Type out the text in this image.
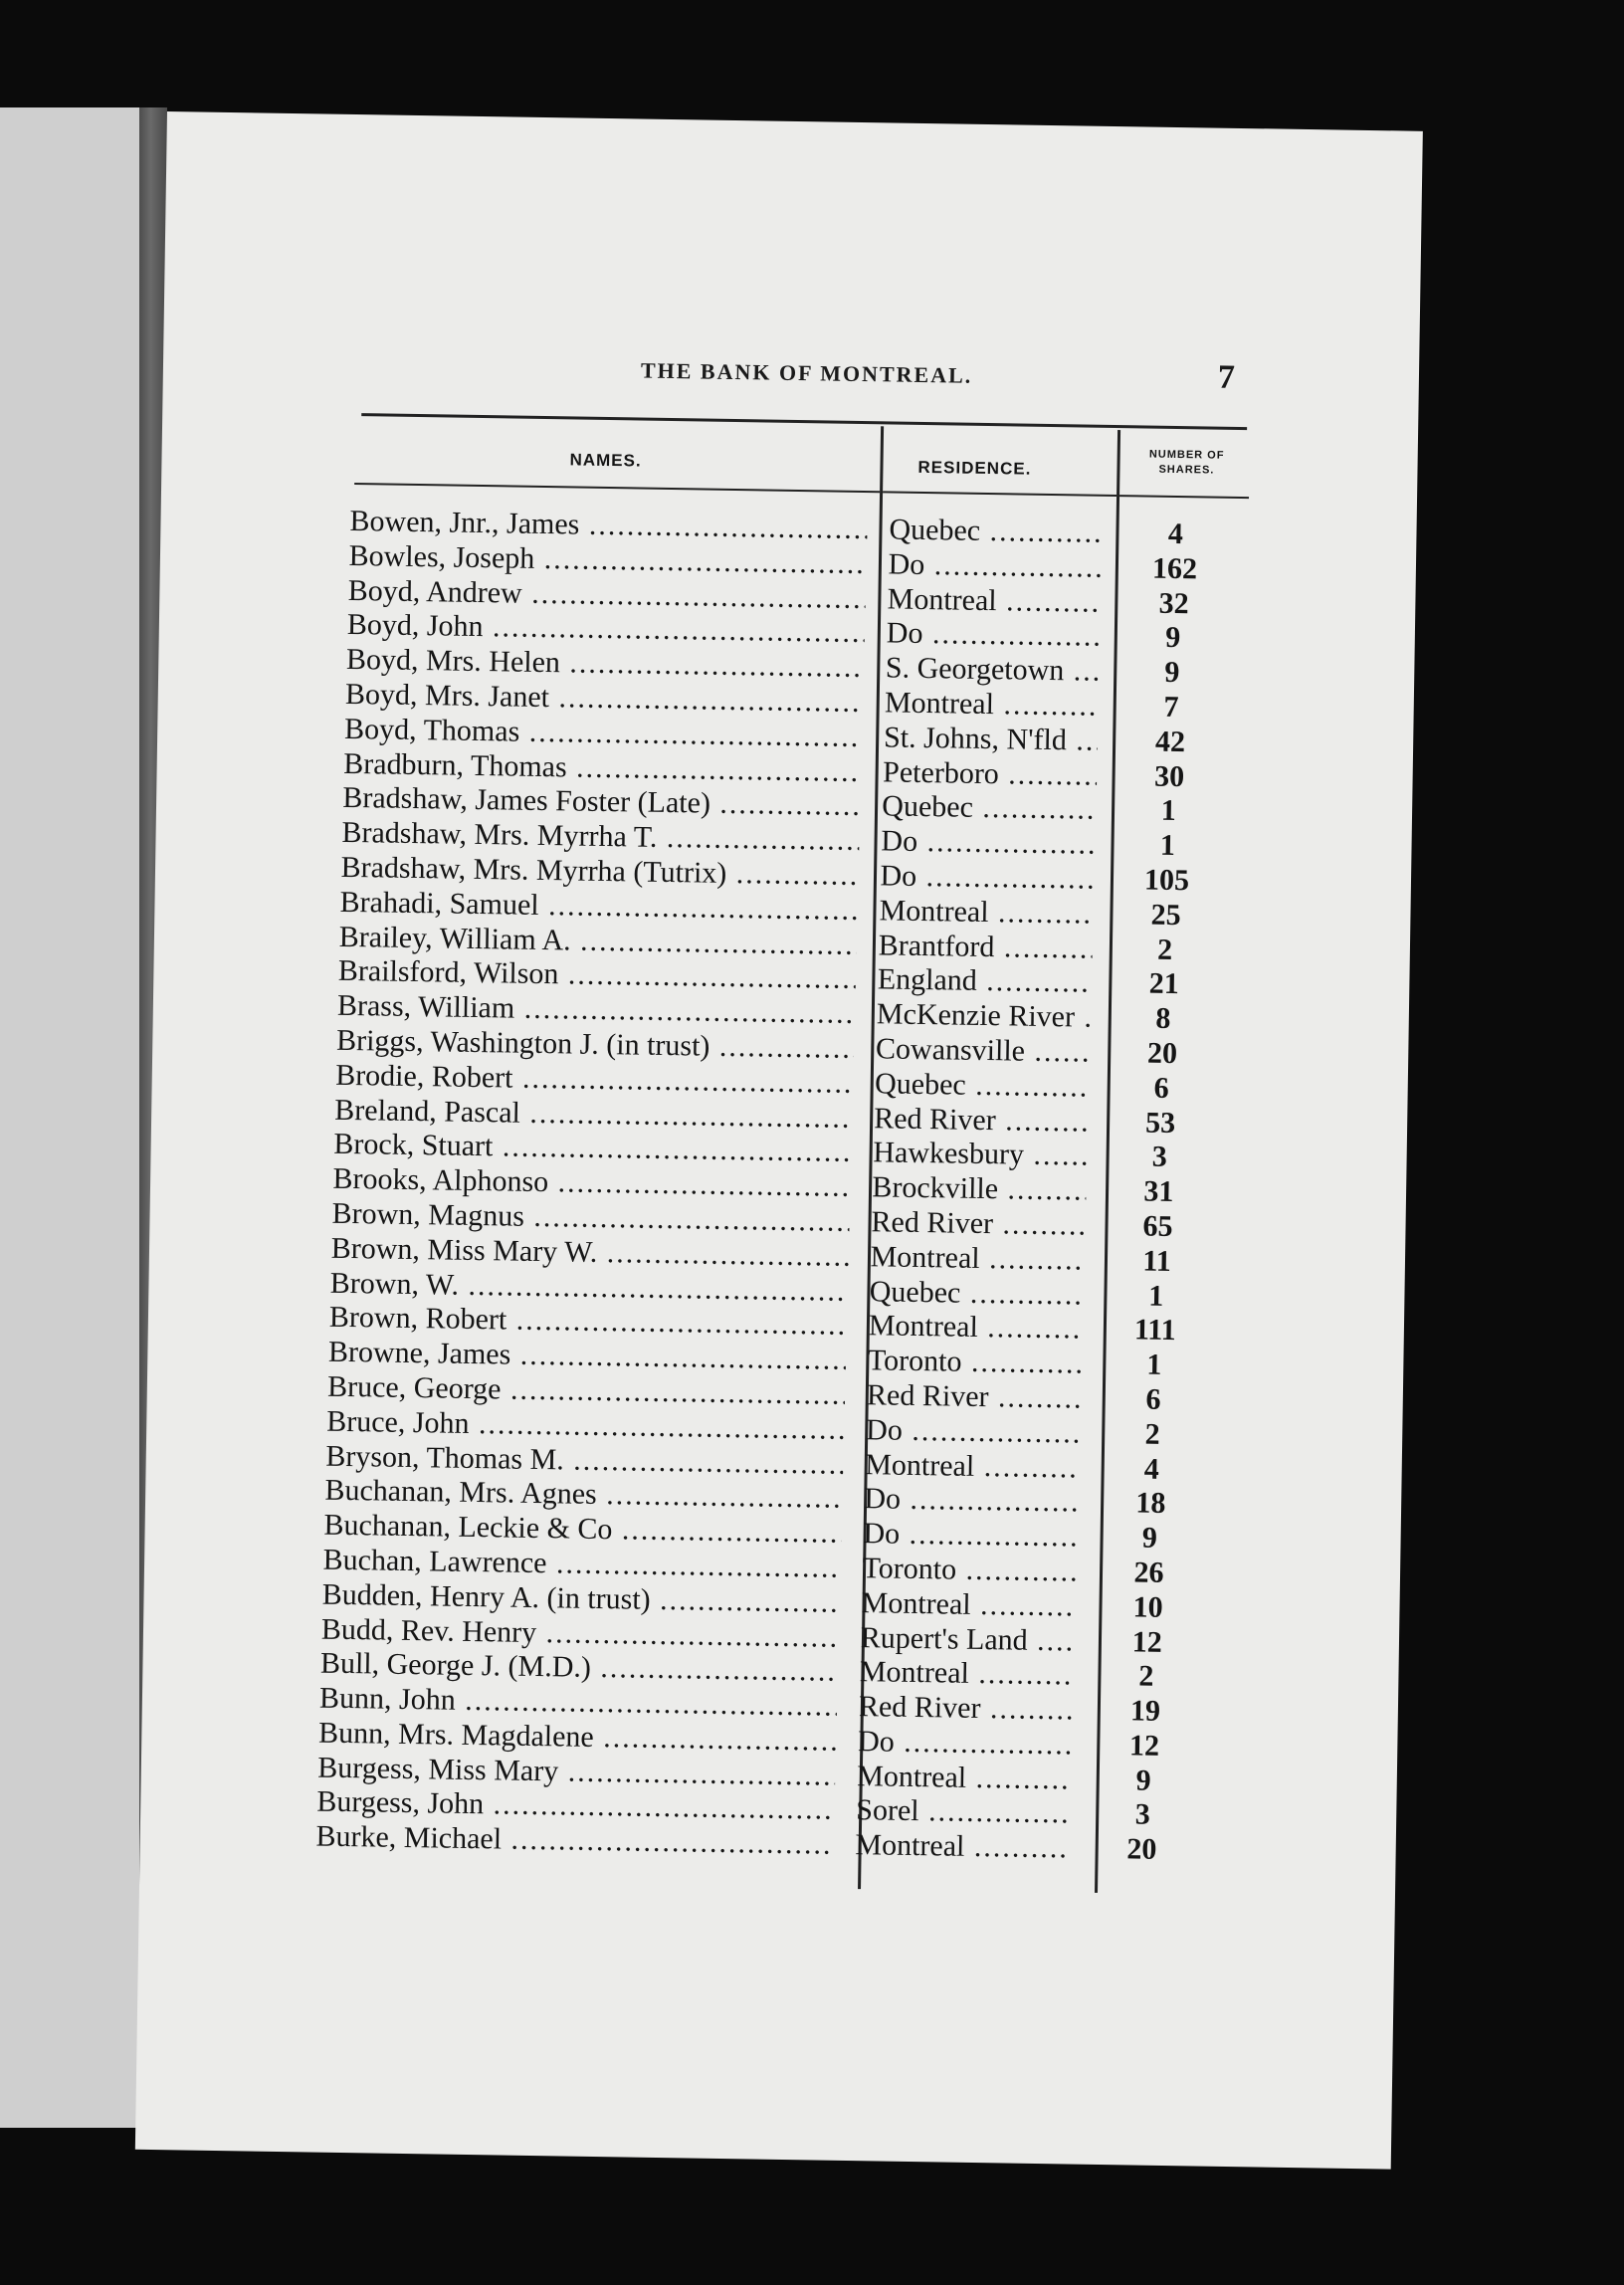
THE BANK OF MONTREAL.	7
NAMES.	RESIDENCE.
NUMBER OF SHARES.
Bowen, Jnr., James .....	Quebec .....	4
Bowles, Joseph .....	Do .....	162
Boyd, Andrew .....	Montreal .....	32
Boyd, John .....	Do .....	9
Boyd, Mrs. Helen .....	S. Georgetown .....	9
Boyd, Mrs. Janet .....	Montreal .....	7
Boyd, Thomas .....	St. Johns, N'fld .....	42
Bradburn, Thomas .....	Peterboro .....	30
Bradshaw, James Foster (Late) .....	Quebec .....	1
Bradshaw, Mrs. Myrrha T. .....	Do .....	1
Bradshaw, Mrs. Myrrha (Tutrix) .....	Do .....	105
Brahadi, Samuel .....	Montreal .....	25
Brailey, William A. .....	Brantford .....	2
Brailsford, Wilson .....	England .....	21
Brass, William .....	McKenzie River .....	8
Briggs, Washington J. (in trust) .....	Cowansville .....	20
Brodie, Robert .....	Quebec .....	6
Breland, Pascal .....	Red River .....	53
Brock, Stuart .....	Hawkesbury .....	3
Brooks, Alphonso .....	Brockville .....	31
Brown, Magnus .....	Red River .....	65
Brown, Miss Mary W. .....	Montreal .....	11
Brown, W. .....	Quebec .....	1
Brown, Robert .....	Montreal .....	111
Browne, James .....	Toronto .....	1
Bruce, George .....	Red River .....	6
Bruce, John .....	Do .....	2
Bryson, Thomas M. .....	Montreal .....	4
Buchanan, Mrs. Agnes .....	Do .....	18
Buchanan, Leckie & Co .....	Do .....	9
Buchan, Lawrence .....	Toronto .....	26
Budden, Henry A. (in trust) .....	Montreal .....	10
Budd, Rev. Henry .....	Rupert's Land .....	12
Bull, George J. (M.D.) .....	Montreal .....	2
Bunn, John .....	Red River .....	19
Bunn, Mrs. Magdalene .....	Do .....	12
Burgess, Miss Mary .....	Montreal .....	9
Burgess, John .....	Sorel .....	3
Burke, Michael .....	Montreal .....	20
